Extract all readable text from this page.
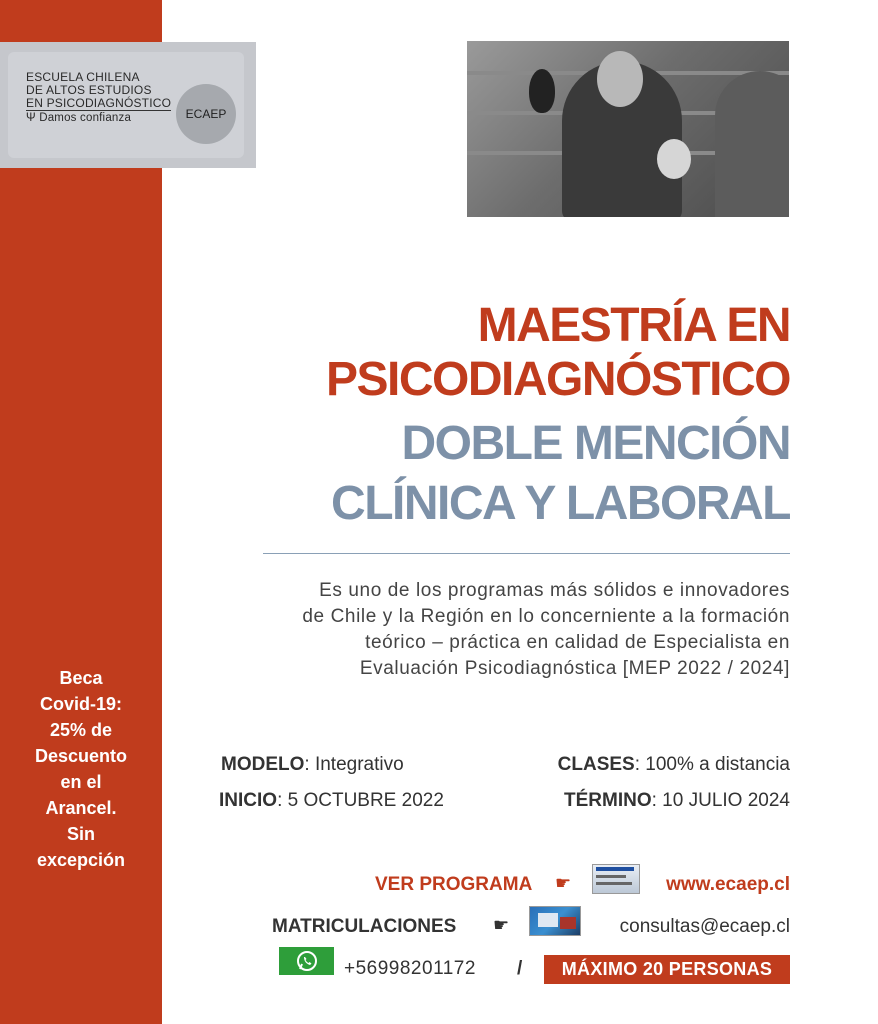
ESCUELA CHILENA
DE ALTOS ESTUDIOS
EN PSICODIAGNÓSTICO
Ψ Damos confianza	ECAEP
MAESTRÍA EN
PSICODIAGNÓSTICO
DOBLE MENCIÓN
CLÍNICA Y LABORAL
Es uno de los programas más sólidos e innovadores
de Chile y la Región en lo concerniente a la formación
teórico – práctica en calidad de Especialista en
Evaluación Psicodiagnóstica [MEP 2022 / 2024]
MODELO: Integrativo	CLASES: 100% a distancia
INICIO: 5 OCTUBRE 2022	TÉRMINO: 10 JULIO 2024
VER PROGRAMA ☛	www.ecaep.cl
MATRICULACIONES ☛	consultas@ecaep.cl
+56998201172 /	MÁXIMO 20 PERSONAS
Beca
Covid-19:
25% de
Descuento
en el
Arancel.
Sin
excepción
